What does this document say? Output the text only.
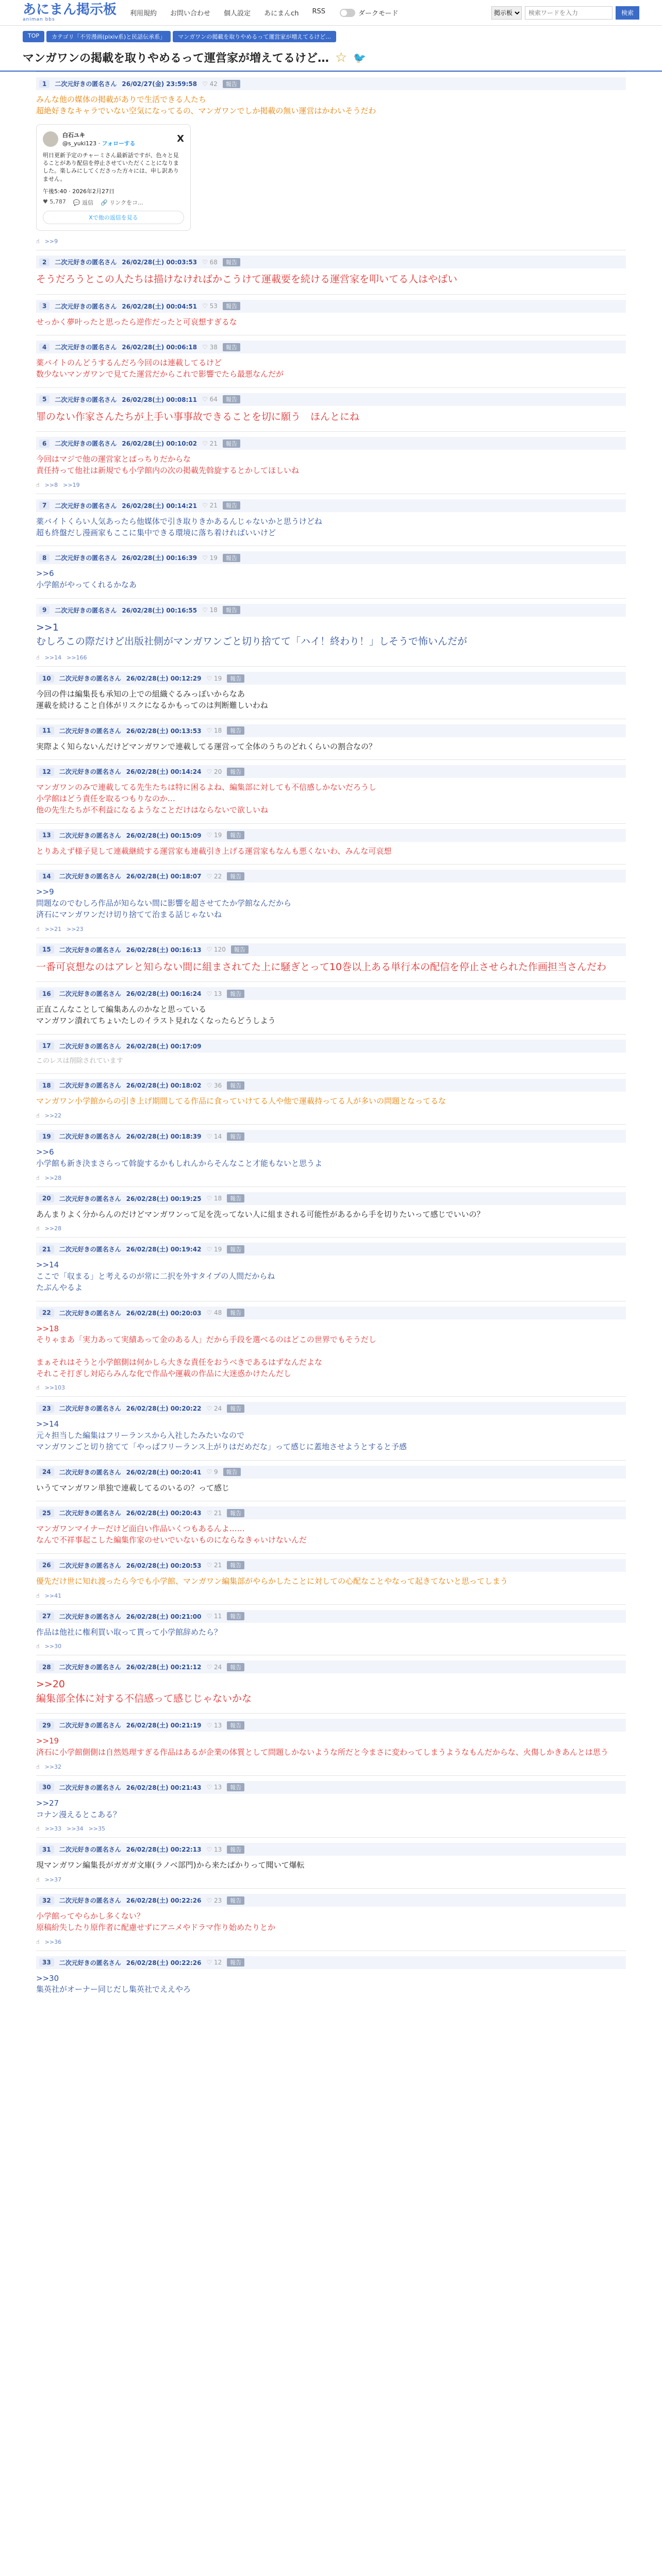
あにまん掲示板
animan bbs
利用規約 お問い合わせ 個人設定 あにまんch RSS	ダークモード
掲示板
検索ワードを入力	検索
TOP	カテゴリ「不労漫画(pixiv系)と民話伝承系」	マンガワンの掲載を取りやめるって運営家が増えてるけど…
マンガワンの掲載を取りやめるって運営家が増えてるけど… ☆ 🐦
1	二次元好きの匿名さん 26/02/27(金) 23:59:58 ♡ 42	報告

みんな他の媒体の掲載がありで生活できる人たち

超絶好きなキャラでいない空気になってるの、マンガワンでしか掲載の無い運営はかわいそうだわ

白石ユキ
@s_yuki123 · フォローする	X
明日更新予定のチャーミさん最新話ですが、色々と見ることがあり配信を停止させていただくことになりました。楽しみにしてくださった方々には、申し訳ありません。
午後5:40 · 2026年2月27日
♥ 5,787 💬 返信 🔗 リンクをコ...
Xで他の返信を見る
☝ >>9
2	二次元好きの匿名さん 26/02/28(土) 00:03:53 ♡ 68	報告

そうだろうとこの人たちは描けなければかこうけて運載要を続ける運営家を叩いてる人はやばい

3	二次元好きの匿名さん 26/02/28(土) 00:04:51 ♡ 53	報告

せっかく夢叶ったと思ったら逆作だったと可哀想すぎるな

4	二次元好きの匿名さん 26/02/28(土) 00:06:18 ♡ 38	報告

薬バイトのんどうするんだろ今回のは連載してるけど

数少ないマンガワンで見てた運営だからこれで影響でたら最悪なんだが

5	二次元好きの匿名さん 26/02/28(土) 00:08:11 ♡ 64	報告

罪のない作家さんたちが上手い事事故できることを切に願う　ほんとにね

6	二次元好きの匿名さん 26/02/28(土) 00:10:02 ♡ 21	報告

今回はマジで他の運営家とばっちりだからな

責任持って他社は新規でも小学館内の次の掲載先斡旋するとかしてほしいね

☝ >>8 >>19
7	二次元好きの匿名さん 26/02/28(土) 00:14:21 ♡ 21	報告

薬バイトくらい人気あったら他媒体で引き取りきかあるんじゃないかと思うけどね

超も終盤だし漫画家もここに集中できる環境に落ち着ければいいけど

8	二次元好きの匿名さん 26/02/28(土) 00:16:39 ♡ 19	報告

>>6

小学館がやってくれるかなあ

9	二次元好きの匿名さん 26/02/28(土) 00:16:55 ♡ 18	報告

>>1

むしろこの際だけど出版社側がマンガワンごと切り捨てて「ハイ！終わり！」しそうで怖いんだが

☝ >>14 >>166
10	二次元好きの匿名さん 26/02/28(土) 00:12:29 ♡ 19	報告

今回の件は編集長も承知の上での組織ぐるみっぽいからなあ

運載を続けること自体がリスクになるかもってのは判断難しいわね

11	二次元好きの匿名さん 26/02/28(土) 00:13:53 ♡ 18	報告

実際よく知らないんだけどマンガワンで連載してる運営って全体のうちのどれくらいの割合なの？

12	二次元好きの匿名さん 26/02/28(土) 00:14:24 ♡ 20	報告

マンガワンのみで連載してる先生たちは特に困るよね、編集部に対しても不信感しかないだろうし

小学館はどう責任を取るつもりなのか…

他の先生たちが不利益になるようなことだけはならないで欲しいね

13	二次元好きの匿名さん 26/02/28(土) 00:15:09 ♡ 19	報告

とりあえず様子見して連載継続する運営家も連載引き上げる運営家もなんも悪くないわ、みんな可哀想

14	二次元好きの匿名さん 26/02/28(土) 00:18:07 ♡ 22	報告

>>9

問題なのでむしろ作品が知らない間に影響を超させてたか学館なんだから

済石にマンガワンだけ切り捨てて治まる話じゃないね

☝ >>21 >>23
15	二次元好きの匿名さん 26/02/28(土) 00:16:13 ♡ 120	報告

一番可哀想なのはアレと知らない間に組まされてた上に騒ぎとって10巻以上ある単行本の配信を停止させられた作画担当さんだわ

16	二次元好きの匿名さん 26/02/28(土) 00:16:24 ♡ 13	報告

正直こんなことして編集あんのかなと思っている

マンガワン潰れてちょいたしのイラスト見れなくなったらどうしよう

17	二次元好きの匿名さん 26/02/28(土) 00:17:09

このレスは削除されています

18	二次元好きの匿名さん 26/02/28(土) 00:18:02 ♡ 36	報告

マンガワン小学館からの引き上げ期間してる作品に食っていけてる人や他で運載持ってる人が多いの問題となってるな

☝ >>22
19	二次元好きの匿名さん 26/02/28(土) 00:18:39 ♡ 14	報告

>>6

小学館も新き決まさらって斡旋するかもしれんからそんなこと才能もないと思うよ

☝ >>28
20	二次元好きの匿名さん 26/02/28(土) 00:19:25 ♡ 18	報告

あんまりよく分からんのだけどマンガワンって足を洗ってない人に組まされる可能性があるから手を切りたいって感じでいいの？

☝ >>28
21	二次元好きの匿名さん 26/02/28(土) 00:19:42 ♡ 19	報告

>>14

ここで「収まる」と考えるのが常に二択を外すタイプの人間だからね

たぶんやるよ

22	二次元好きの匿名さん 26/02/28(土) 00:20:03 ♡ 48	報告

>>18

そりゃまあ「実力あって実績あって金のある人」だから手段を選べるのはどこの世界でもそうだし

まぁそれはそうと小学館側は何かしら大きな責任をおうべきであるはずなんだよな

それこそ打ぎし対応らみんな化で作品や運載の作品に大迷惑かけたんだし

☝ >>103
23	二次元好きの匿名さん 26/02/28(土) 00:20:22 ♡ 24	報告

>>14

元々担当した編集はフリーランスから入社したみたいなので

マンガワンごと切り捨てて「やっぱフリーランス上がりはだめだな」って感じに蓋地させようとすると予感

24	二次元好きの匿名さん 26/02/28(土) 00:20:41 ♡ 9	報告

いうてマンガワン単独で連載してるのいるの？って感じ

25	二次元好きの匿名さん 26/02/28(土) 00:20:43 ♡ 21	報告

マンガワンマイナーだけど面白い作品いくつもあるんよ……

なんで不祥事起こした編集作家のせいでいないものにならなきゃいけないんだ

26	二次元好きの匿名さん 26/02/28(土) 00:20:53 ♡ 21	報告

優先だけ世に知れ渡ったら今でも小学館、マンガワン編集部がやらかしたことに対しての心配なことやなって起きてないと思ってしまう

☝ >>41
27	二次元好きの匿名さん 26/02/28(土) 00:21:00 ♡ 11	報告

作品は他社に権利買い取って貰って小学館辞めたら？

☝ >>30
28	二次元好きの匿名さん 26/02/28(土) 00:21:12 ♡ 24	報告

>>20

編集部全体に対する不信感って感じじゃないかな

29	二次元好きの匿名さん 26/02/28(土) 00:21:19 ♡ 13	報告

>>19

済石に小学館側側は自然処理すぎる作品はあるが企業の体質として問題しかないような所だと今まさに変わってしまうようなもんだからな、火傷しかきあんとは思う

☝ >>32
30	二次元好きの匿名さん 26/02/28(土) 00:21:43 ♡ 13	報告

>>27

コナン漫えるとこある？

☝ >>33 >>34 >>35
31	二次元好きの匿名さん 26/02/28(土) 00:22:13 ♡ 13	報告

現マンガワン編集長がガガガ文庫(ラノベ部門)から来たばかりって聞いて爆転

☝ >>37
32	二次元好きの匿名さん 26/02/28(土) 00:22:26 ♡ 23	報告

小学館ってやらかし多くない？

原稿紛失したり原作者に配慮せずにアニメやドラマ作り始めたりとか

☝ >>36
33	二次元好きの匿名さん 26/02/28(土) 00:22:26 ♡ 12	報告

>>30

集英社がオーナー同じだし集英社でええやろ
